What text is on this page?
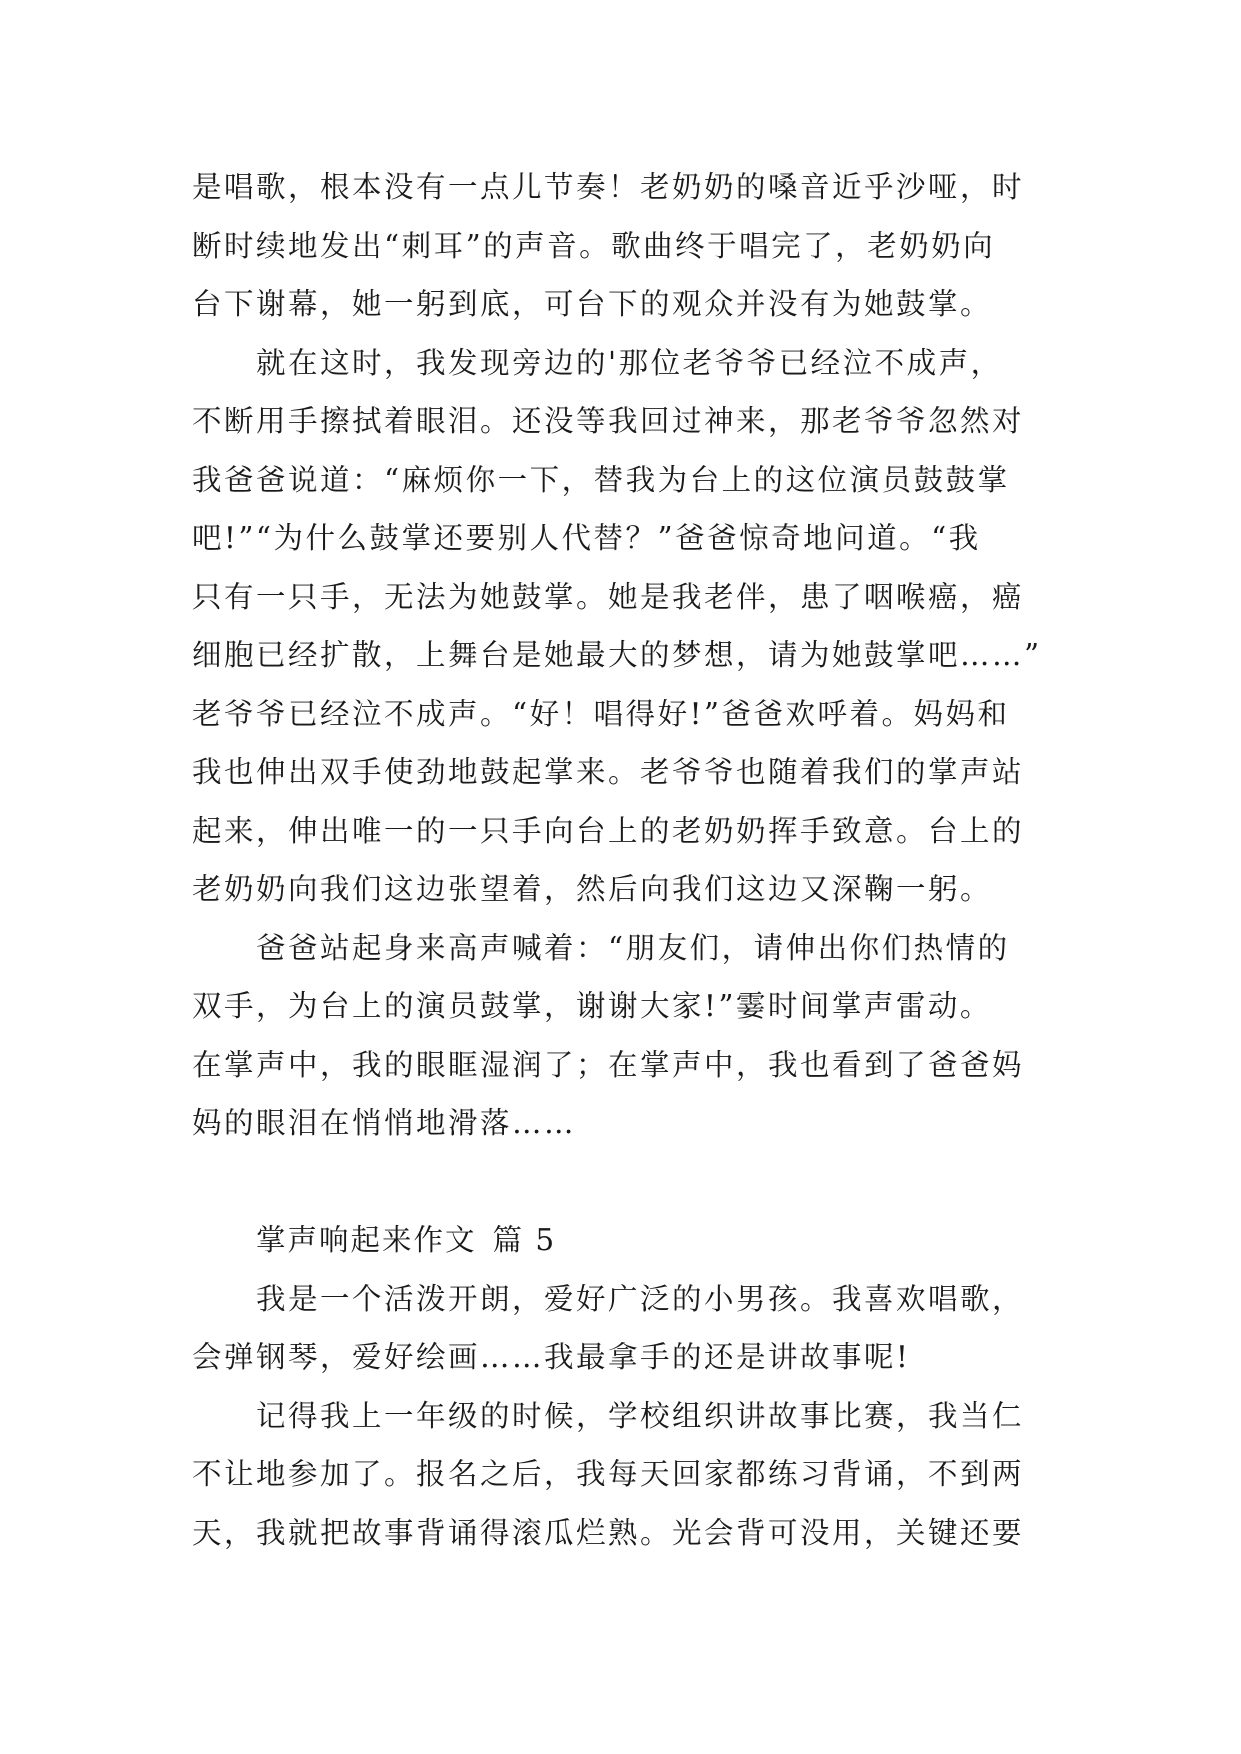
是唱歌，根本没有一点儿节奏！老奶奶的嗓音近乎沙哑，时
断时续地发出“刺耳”的声音。歌曲终于唱完了，老奶奶向
台下谢幕，她一躬到底，可台下的观众并没有为她鼓掌。
　　就在这时，我发现旁边的'那位老爷爷已经泣不成声，
不断用手擦拭着眼泪。还没等我回过神来，那老爷爷忽然对
我爸爸说道：“麻烦你一下，替我为台上的这位演员鼓鼓掌
吧!”“为什么鼓掌还要别人代替？”爸爸惊奇地问道。“我
只有一只手，无法为她鼓掌。她是我老伴，患了咽喉癌，癌
细胞已经扩散，上舞台是她最大的梦想，请为她鼓掌吧……”
老爷爷已经泣不成声。“好！唱得好!”爸爸欢呼着。妈妈和
我也伸出双手使劲地鼓起掌来。老爷爷也随着我们的掌声站
起来，伸出唯一的一只手向台上的老奶奶挥手致意。台上的
老奶奶向我们这边张望着，然后向我们这边又深鞠一躬。
　　爸爸站起身来高声喊着：“朋友们，请伸出你们热情的
双手，为台上的演员鼓掌，谢谢大家!”霎时间掌声雷动。
在掌声中，我的眼眶湿润了；在掌声中，我也看到了爸爸妈
妈的眼泪在悄悄地滑落……
掌声响起来作文 篇 5
　　我是一个活泼开朗，爱好广泛的小男孩。我喜欢唱歌，
会弹钢琴，爱好绘画……我最拿手的还是讲故事呢!
　　记得我上一年级的时候，学校组织讲故事比赛，我当仁
不让地参加了。报名之后，我每天回家都练习背诵，不到两
天，我就把故事背诵得滚瓜烂熟。光会背可没用，关键还要
